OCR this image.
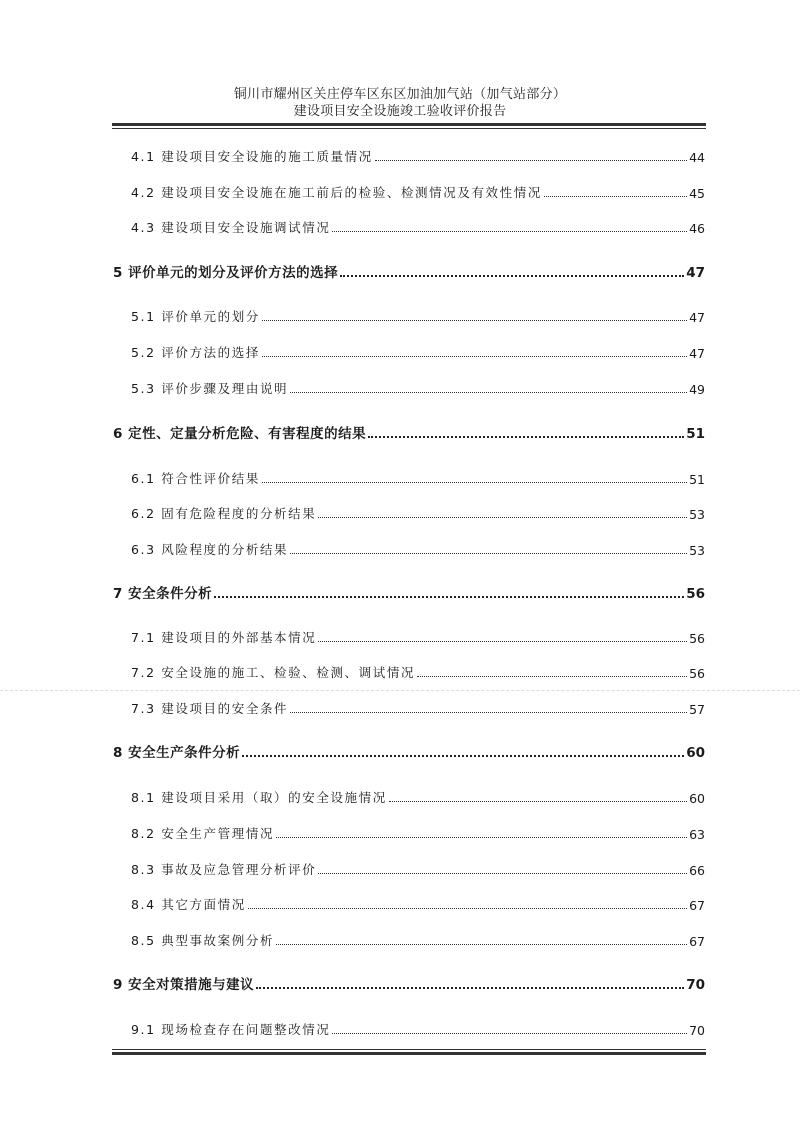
铜川市耀州区关庄停车区东区加油加气站（加气站部分）
建设项目安全设施竣工验收评价报告
4.1 建设项目安全设施的施工质量情况	44
4.2 建设项目安全设施在施工前后的检验、检测情况及有效性情况	45
4.3 建设项目安全设施调试情况	46
5 评价单元的划分及评价方法的选择	47
5.1 评价单元的划分	47
5.2 评价方法的选择	47
5.3 评价步骤及理由说明	49
6 定性、定量分析危险、有害程度的结果	51
6.1 符合性评价结果	51
6.2 固有危险程度的分析结果	53
6.3 风险程度的分析结果	53
7 安全条件分析	56
7.1 建设项目的外部基本情况	56
7.2 安全设施的施工、检验、检测、调试情况	56
7.3 建设项目的安全条件	57
8 安全生产条件分析	60
8.1 建设项目采用（取）的安全设施情况	60
8.2 安全生产管理情况	63
8.3 事故及应急管理分析评价	66
8.4 其它方面情况	67
8.5 典型事故案例分析	67
9 安全对策措施与建议	70
9.1 现场检查存在问题整改情况	70
